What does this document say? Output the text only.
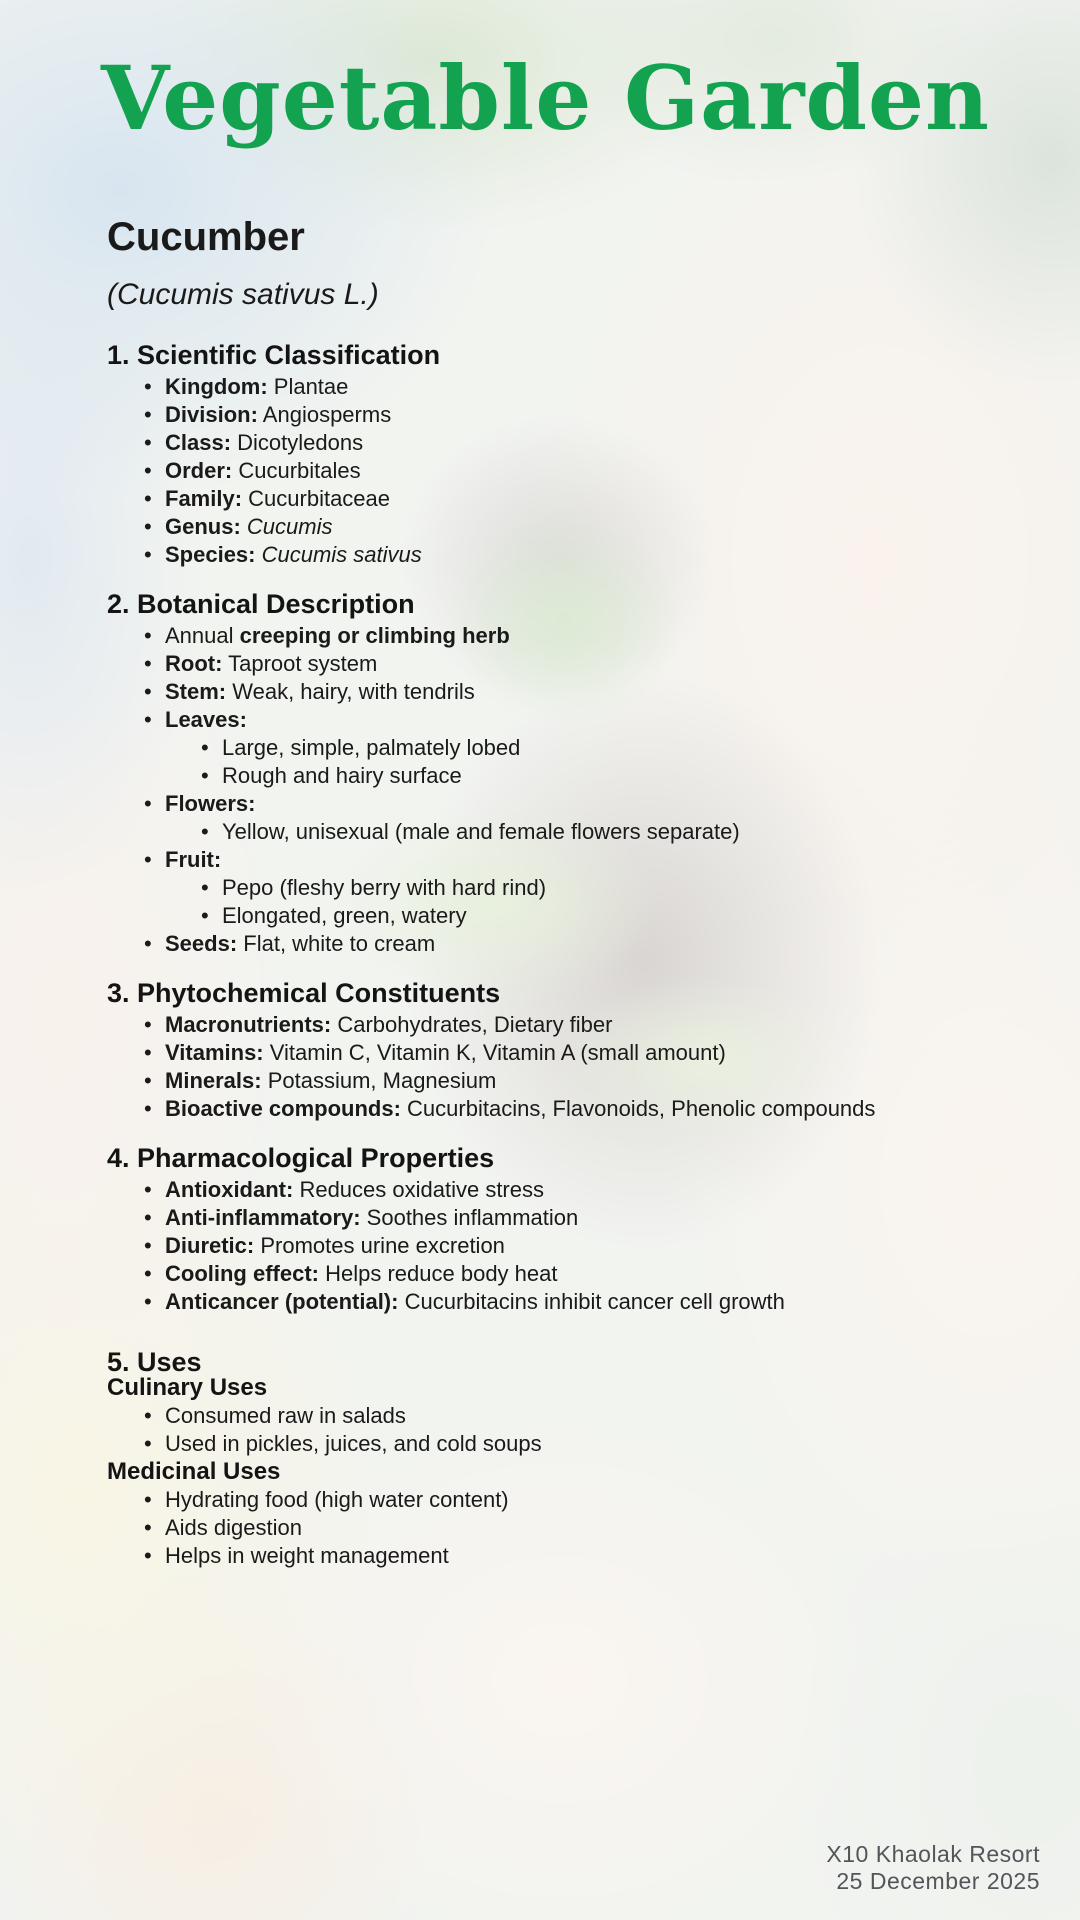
Vegetable Garden
Cucumber
(Cucumis sativus L.)
1. Scientific Classification
• Kingdom: Plantae
• Division: Angiosperms
• Class: Dicotyledons
• Order: Cucurbitales
• Family: Cucurbitaceae
• Genus: Cucumis
• Species: Cucumis sativus
2. Botanical Description
• Annual creeping or climbing herb
• Root: Taproot system
• Stem: Weak, hairy, with tendrils
• Leaves:
• Large, simple, palmately lobed
• Rough and hairy surface
• Flowers:
• Yellow, unisexual (male and female flowers separate)
• Fruit:
• Pepo (fleshy berry with hard rind)
• Elongated, green, watery
• Seeds: Flat, white to cream
3. Phytochemical Constituents
• Macronutrients: Carbohydrates, Dietary fiber
• Vitamins: Vitamin C, Vitamin K, Vitamin A (small amount)
• Minerals: Potassium, Magnesium
• Bioactive compounds: Cucurbitacins, Flavonoids, Phenolic compounds
4. Pharmacological Properties
• Antioxidant: Reduces oxidative stress
• Anti-inflammatory: Soothes inflammation
• Diuretic: Promotes urine excretion
• Cooling effect: Helps reduce body heat
• Anticancer (potential): Cucurbitacins inhibit cancer cell growth
5. Uses
Culinary Uses
• Consumed raw in salads
• Used in pickles, juices, and cold soups
Medicinal Uses
• Hydrating food (high water content)
• Aids digestion
• Helps in weight management
X10 Khaolak Resort
25 December 2025
